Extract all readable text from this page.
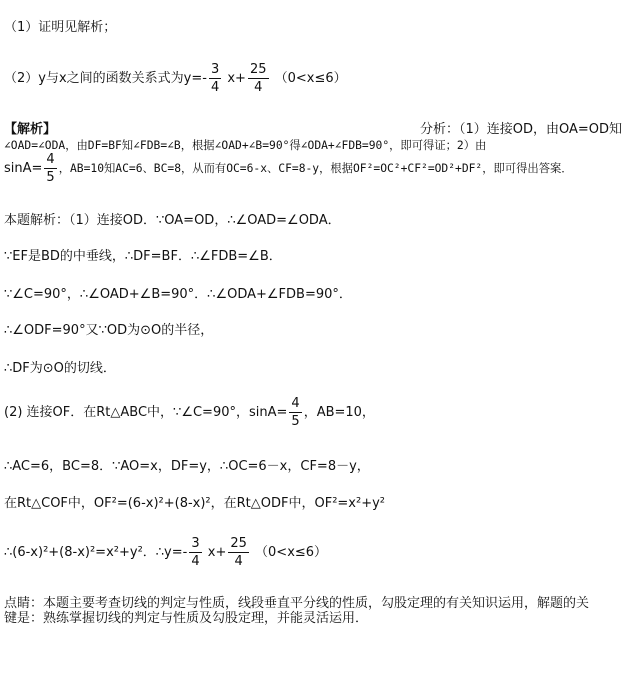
（1）证明见解析；
（2）y与x之间的函数关系式为$y=- \frac{3}{4} x+ \frac{25}{4} (0<x\le 6)$
【解析】	分析：（1）连接OD，由OA=OD知
∠OAD=∠ODA，由DF=BF知∠FDB=∠B，根据∠OAD+∠B=90°得∠ODA+∠FDB=90°，即可得证；2）由
$\sin A= \frac{4}{5}$ ，AB=10知AC=6、BC=8，从而有OC=6-x、CF=8-y，根据OF²=OC²+CF²=OD²+DF²，即可得出答案．
本题解析：（1）连接OD．∵OA=OD，∴∠OAD=∠ODA．
∵EF是BD的中垂线，∴DF=BF．∴∠FDB=∠B．
∵∠C=90°，∴∠OAD+∠B=90°．∴∠ODA+∠FDB=90°．
∴∠ODF=90°又∵OD为⊙O的半径，
∴DF为⊙O的切线．
(2) 连接OF．在Rt△ABC中，∵∠C=90°，$\sin A= \frac{4}{5}$ ，AB=10，
∴AC=6，BC=8．∵AO=x，DF=y，∴OC=6－x，CF=8－y，
在Rt△COF中，OF²=(6-x)²+(8-x)²，在Rt△ODF中，OF²=x²+y²
∴(6-x)²+(8-x)²=x²+y²．∴y=- $\frac{3}{4} x+ \frac{25}{4} (0<x\le 6)$
点睛：本题主要考查切线的判定与性质，线段垂直平分线的性质，勾股定理的有关知识运用，解题的关
键是：熟练掌握切线的判定与性质及勾股定理，并能灵活运用．
